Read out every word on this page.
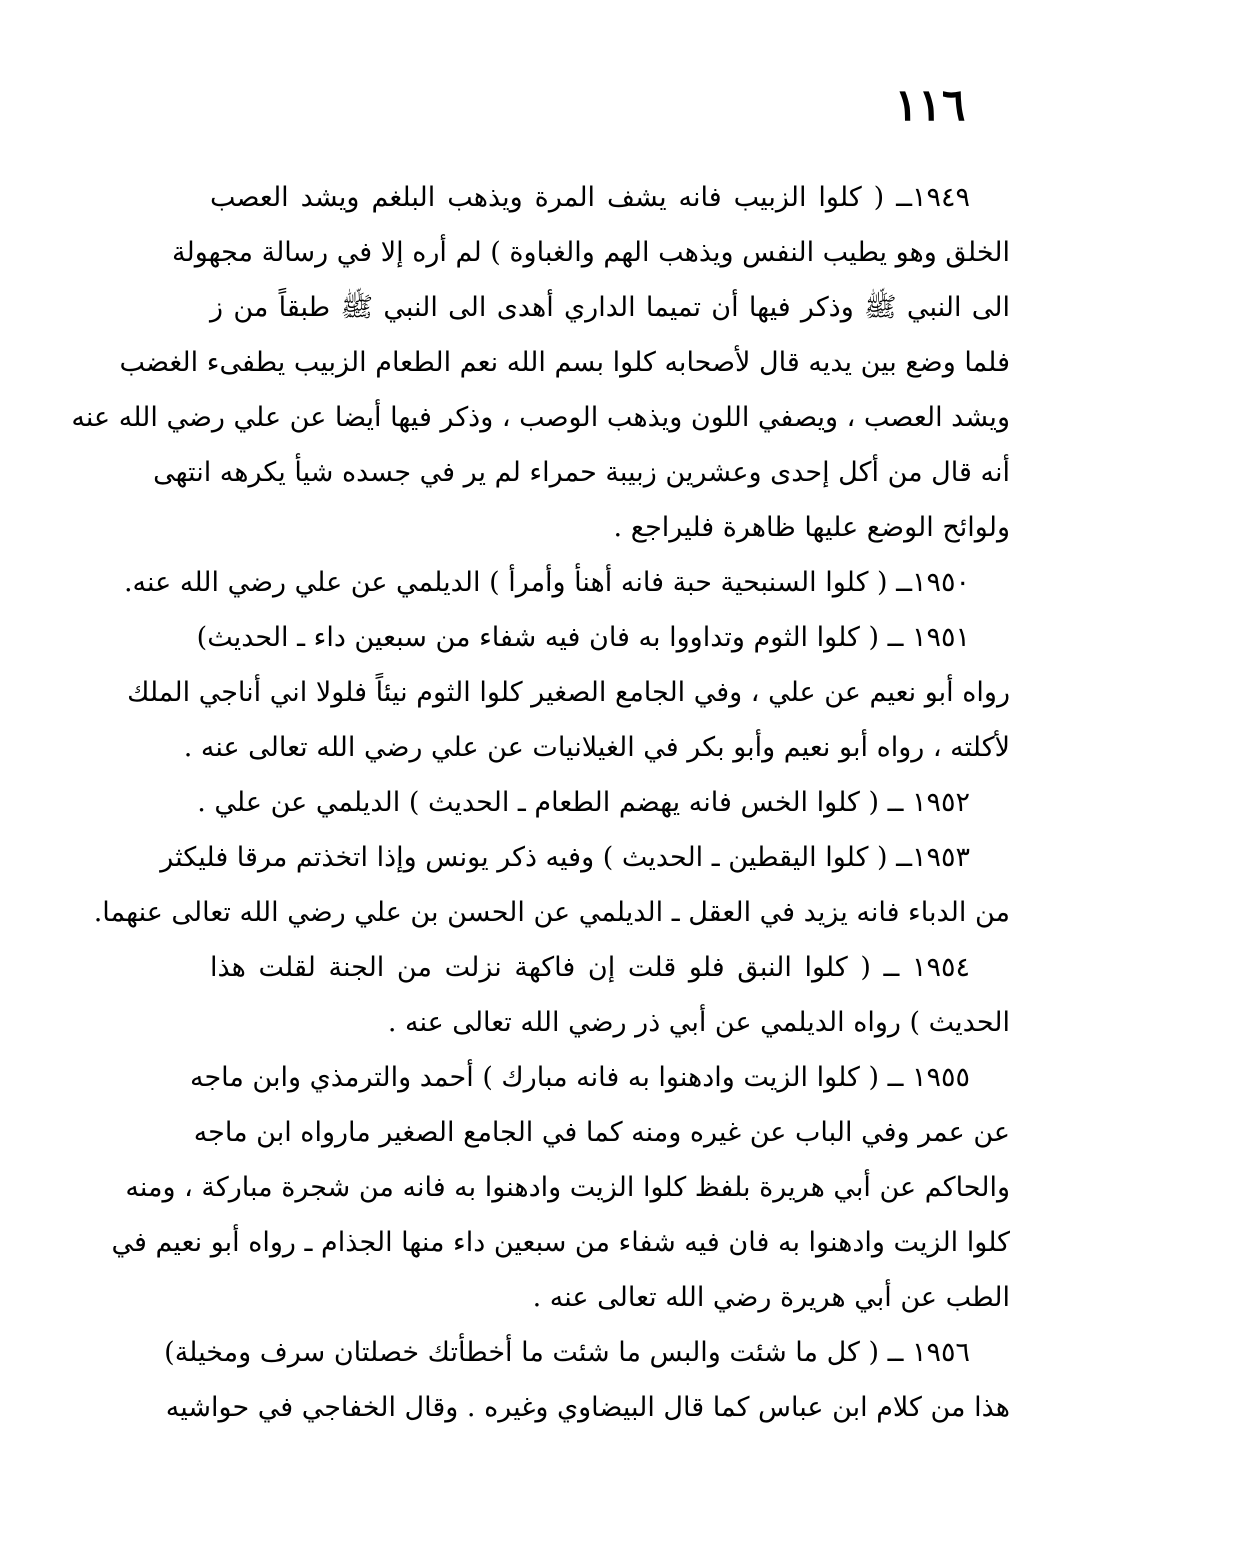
١١٦
١٩٤٩ــ ( كلوا الزبيب فانه يشف المرة ويذهب البلغم ويشد العصب
الخلق وهو يطيب النفس ويذهب الهم والغباوة ) لم أره إلا في رسالة مجهولة
الى النبي ﷺ وذكر فيها أن تميما الداري أهدى الى النبي ﷺ طبقاً من ز
فلما وضع بين يديه قال لأصحابه كلوا بسم الله نعم الطعام الزبيب يطفىء الغضب
ويشد العصب ، ويصفي اللون ويذهب الوصب ، وذكر فيها أيضا عن علي رضي الله عنه
أنه قال من أكل إحدى وعشرين زبيبة حمراء لم ير في جسده شيأ يكرهه انتهى
ولوائح الوضع عليها ظاهرة فليراجع .
١٩٥٠ــ ( كلوا السنبحية حبة فانه أهنأ وأمرأ ) الديلمي عن علي رضي الله عنه.
١٩٥١ ــ ( كلوا الثوم وتداووا به فان فيه شفاء من سبعين داء ـ الحديث)
رواه أبو نعيم عن علي ، وفي الجامع الصغير كلوا الثوم نيئاً فلولا اني أناجي الملك
لأكلته ، رواه أبو نعيم وأبو بكر في الغيلانيات عن علي رضي الله تعالى عنه .
١٩٥٢ ــ ( كلوا الخس فانه يهضم الطعام ـ الحديث ) الديلمي عن علي .
١٩٥٣ــ ( كلوا اليقطين ـ الحديث ) وفيه ذكر يونس وإذا اتخذتم مرقا فليكثر
من الدباء فانه يزيد في العقل ـ الديلمي عن الحسن بن علي رضي الله تعالى عنهما.
١٩٥٤ ــ ( كلوا النبق فلو قلت إن فاكهة نزلت من الجنة لقلت هذا
الحديث ) رواه الديلمي عن أبي ذر رضي الله تعالى عنه .
١٩٥٥ ــ ( كلوا الزيت وادهنوا به فانه مبارك ) أحمد والترمذي وابن ماجه
عن عمر وفي الباب عن غيره ومنه كما في الجامع الصغير مارواه ابن ماجه
والحاكم عن أبي هريرة بلفظ كلوا الزيت وادهنوا به فانه من شجرة مباركة ، ومنه
كلوا الزيت وادهنوا به فان فيه شفاء من سبعين داء منها الجذام ـ رواه أبو نعيم في
الطب عن أبي هريرة رضي الله تعالى عنه .
١٩٥٦ ــ ( كل ما شئت والبس ما شئت ما أخطأتك خصلتان سرف ومخيلة)
هذا من كلام ابن عباس كما قال البيضاوي وغيره . وقال الخفاجي في حواشيه
